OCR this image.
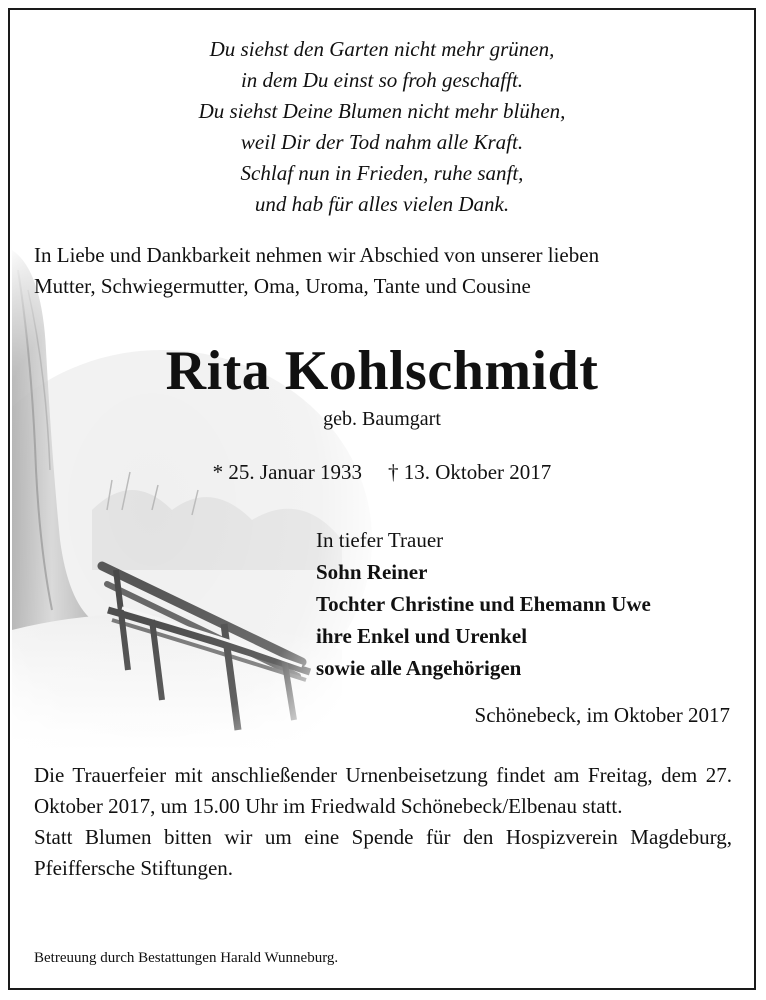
Du siehst den Garten nicht mehr grünen,
in dem Du einst so froh geschafft.
Du siehst Deine Blumen nicht mehr blühen,
weil Dir der Tod nahm alle Kraft.
Schlaf nun in Frieden, ruhe sanft,
und hab für alles vielen Dank.
In Liebe und Dankbarkeit nehmen wir Abschied von unserer lieben
Mutter, Schwiegermutter, Oma, Uroma, Tante und Cousine
Rita Kohlschmidt
geb. Baumgart
* 25. Januar 1933 † 13. Oktober 2017
In tiefer Trauer
Sohn Reiner
Tochter Christine und Ehemann Uwe
ihre Enkel und Urenkel
sowie alle Angehörigen
Schönebeck, im Oktober 2017

Die Trauerfeier mit anschließender Urnenbeisetzung findet am Freitag, dem 27. Oktober 2017, um 15.00 Uhr im Friedwald Schönebeck/Elbenau statt.

Statt Blumen bitten wir um eine Spende für den Hospizverein Magdeburg, Pfeiffersche Stiftungen.

Betreuung durch Bestattungen Harald Wunneburg.
